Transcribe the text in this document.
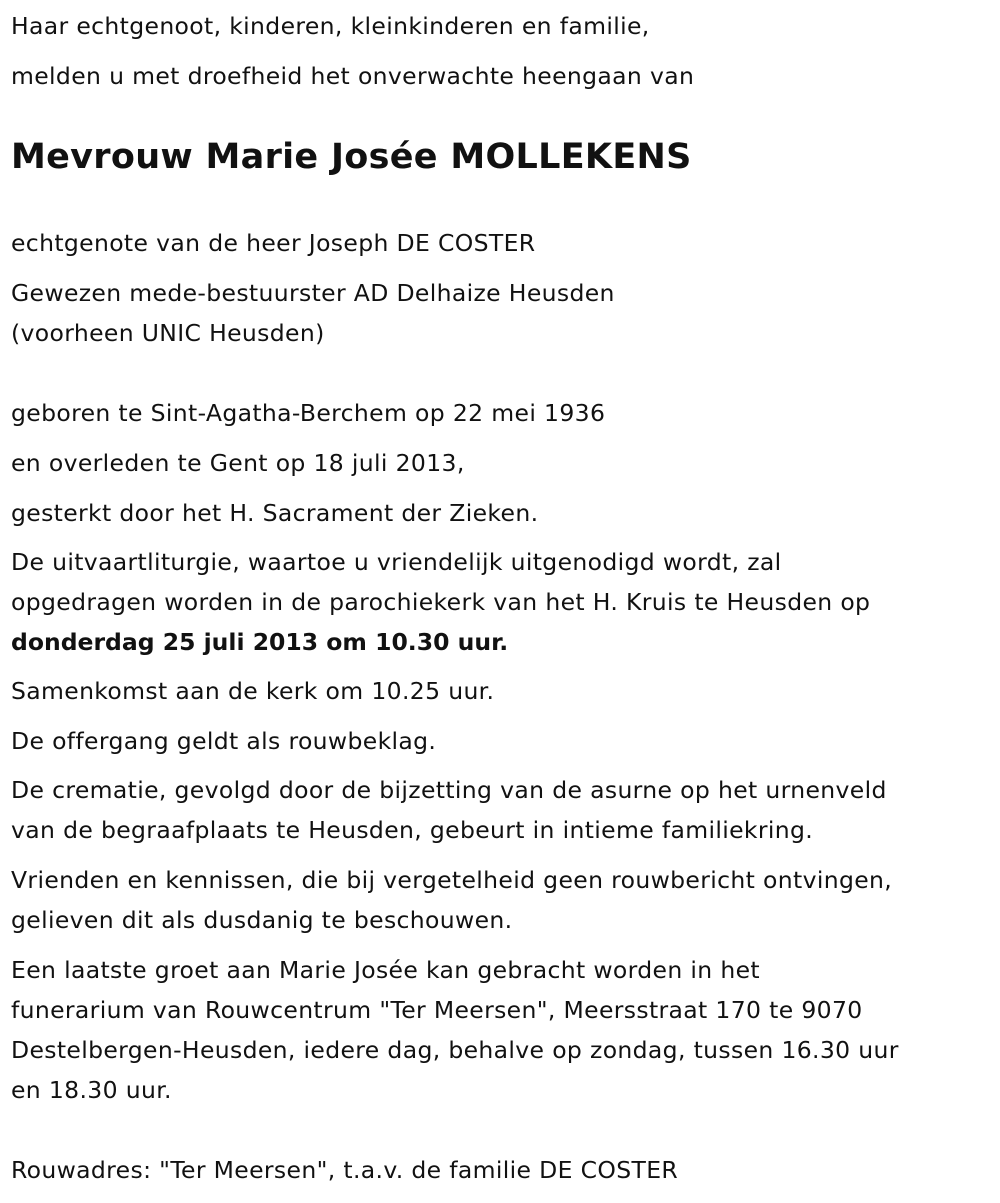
Haar echtgenoot, kinderen, kleinkinderen en familie,

melden u met droefheid het onverwachte heengaan van

Mevrouw Marie Josée MOLLEKENS

echtgenote van de heer Joseph DE COSTER

Gewezen mede-bestuurster AD Delhaize Heusden

(voorheen UNIC Heusden)

geboren te Sint-Agatha-Berchem op 22 mei 1936

en overleden te Gent op 18 juli 2013,

gesterkt door het H. Sacrament der Zieken.

De uitvaartliturgie, waartoe u vriendelijk uitgenodigd wordt, zal

opgedragen worden in de parochiekerk van het H. Kruis te Heusden op

donderdag 25 juli 2013 om 10.30 uur.

Samenkomst aan de kerk om 10.25 uur.

De offergang geldt als rouwbeklag.

De crematie, gevolgd door de bijzetting van de asurne op het urnenveld

van de begraafplaats te Heusden, gebeurt in intieme familiekring.

Vrienden en kennissen, die bij vergetelheid geen rouwbericht ontvingen,

gelieven dit als dusdanig te beschouwen.

Een laatste groet aan Marie Josée kan gebracht worden in het

funerarium van Rouwcentrum "Ter Meersen", Meersstraat 170 te 9070

Destelbergen-Heusden, iedere dag, behalve op zondag, tussen 16.30 uur

en 18.30 uur.

Rouwadres: "Ter Meersen", t.a.v. de familie DE COSTER
